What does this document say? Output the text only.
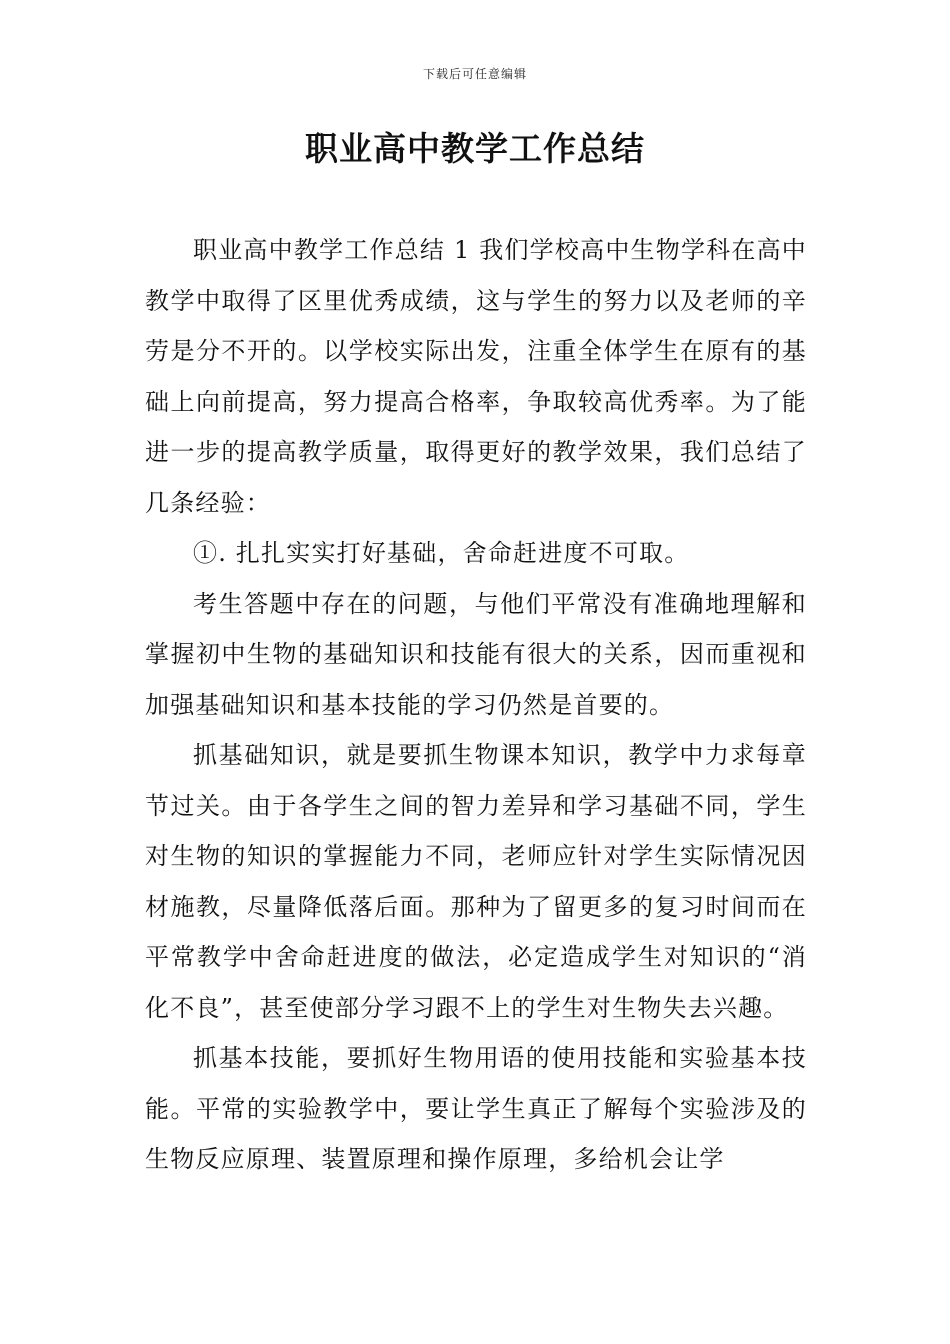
下载后可任意编辑
职业高中教学工作总结

职业高中教学工作总结 1 我们学校高中生物学科在高中教学中取得了区里优秀成绩，这与学生的努力以及老师的辛劳是分不开的。以学校实际出发，注重全体学生在原有的基础上向前提高，努力提高合格率，争取较高优秀率。为了能进一步的提高教学质量，取得更好的教学效果，我们总结了几条经验：

①. 扎扎实实打好基础，舍命赶进度不可取。

考生答题中存在的问题，与他们平常没有准确地理解和掌握初中生物的基础知识和技能有很大的关系，因而重视和加强基础知识和基本技能的学习仍然是首要的。

抓基础知识，就是要抓生物课本知识，教学中力求每章节过关。由于各学生之间的智力差异和学习基础不同，学生对生物的知识的掌握能力不同，老师应针对学生实际情况因材施教，尽量降低落后面。那种为了留更多的复习时间而在平常教学中舍命赶进度的做法，必定造成学生对知识的“消化不良”，甚至使部分学习跟不上的学生对生物失去兴趣。

抓基本技能，要抓好生物用语的使用技能和实验基本技能。平常的实验教学中，要让学生真正了解每个实验涉及的生物反应原理、装置原理和操作原理，多给机会让学
